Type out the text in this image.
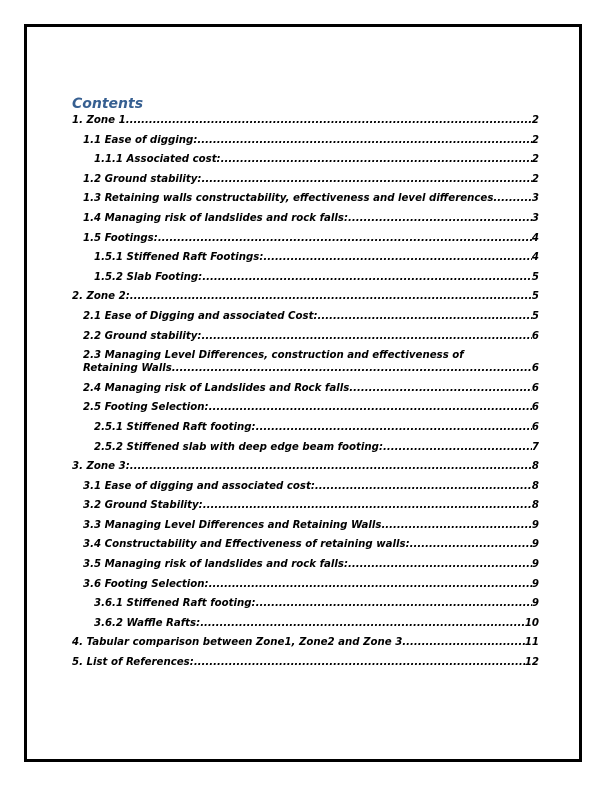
Contents
1. Zone 1 .....	2
1.1 Ease of digging: .....	2
1.1.1 Associated cost: .....	2
1.2 Ground stability: .....	2
1.3 Retaining walls constructability, effectiveness and level differences .....	3
1.4 Managing risk of landslides and rock falls: .....	3
1.5 Footings: .....	4
1.5.1 Stiffened Raft Footings: .....	4
1.5.2 Slab Footing: .....	5
2. Zone 2: .....	5
2.1 Ease of Digging and associated Cost: .....	5
2.2 Ground stability: .....	6
2.3 Managing Level Differences, construction and effectiveness of
Retaining Walls .....	6
2.4 Managing risk of Landslides and Rock falls .....	6
2.5 Footing Selection: .....	6
2.5.1 Stiffened Raft footing: .....	6
2.5.2 Stiffened slab with deep edge beam footing: .....	7
3. Zone 3: .....	8
3.1 Ease of digging and associated cost: .....	8
3.2 Ground Stability: .....	8
3.3 Managing Level Differences and Retaining Walls .....	9
3.4 Constructability and Effectiveness of retaining walls: .....	9
3.5 Managing risk of landslides and rock falls: .....	9
3.6 Footing Selection: .....	9
3.6.1 Stiffened Raft footing: .....	9
3.6.2 Waffle Rafts: .....	10
4. Tabular comparison between Zone1, Zone2 and Zone 3 .....	11
5. List of References: .....	12
